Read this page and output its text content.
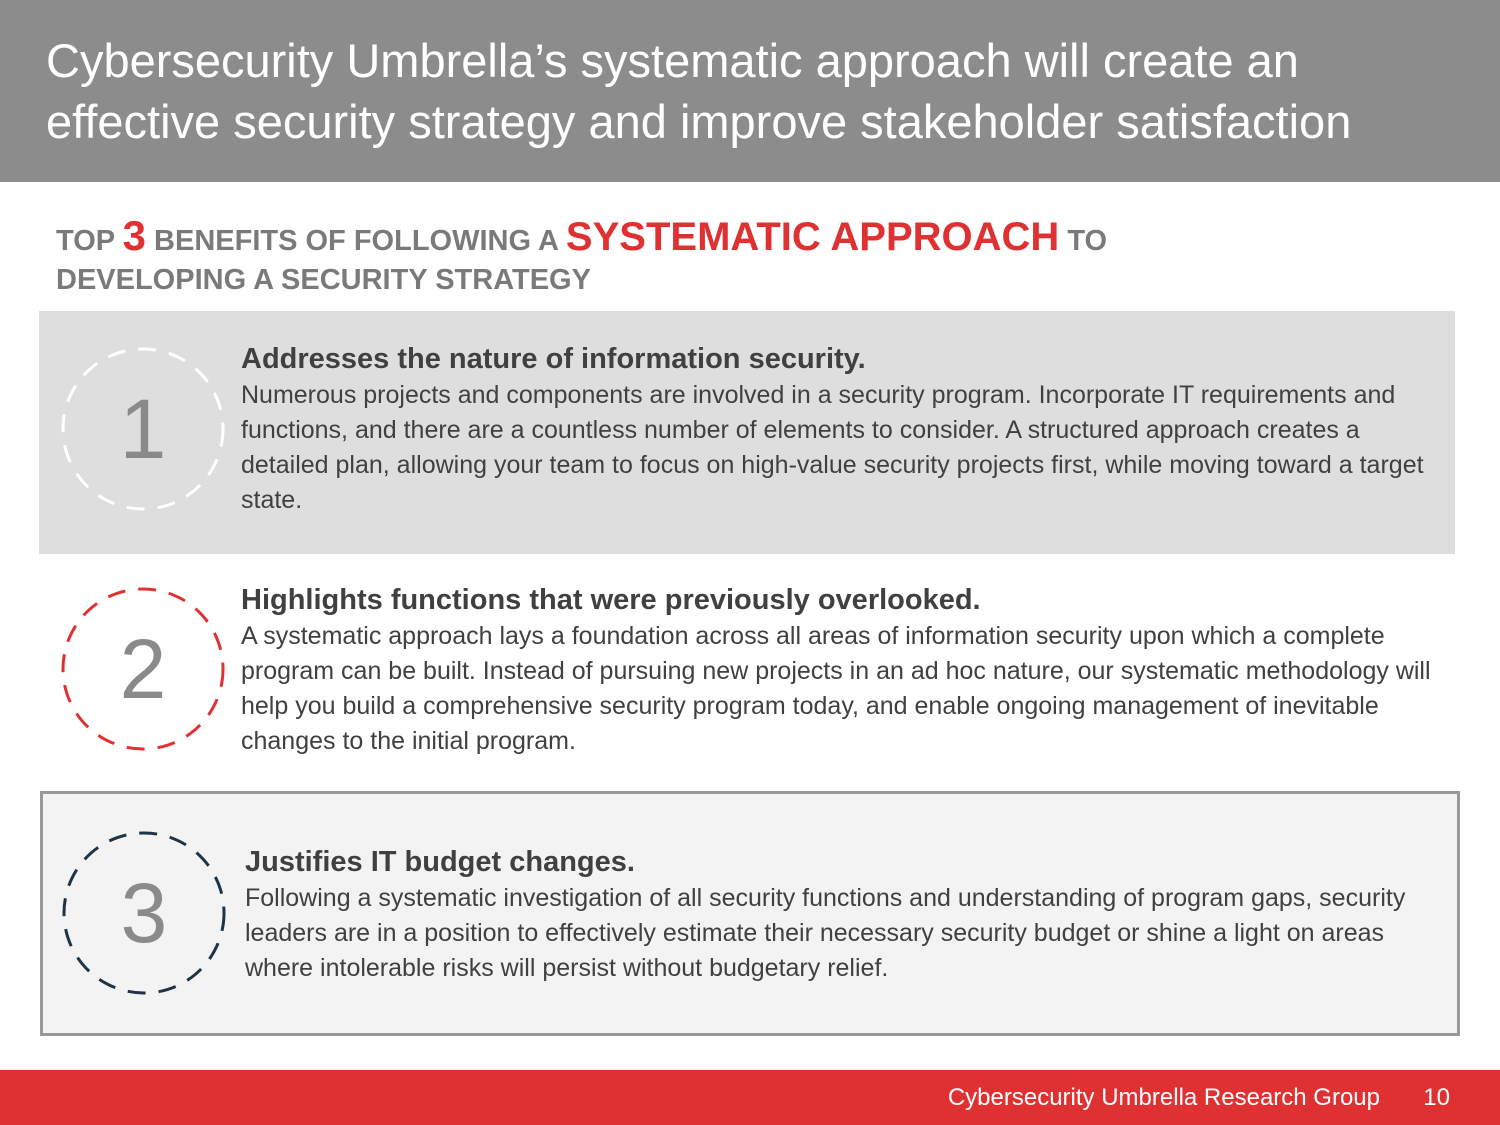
Cybersecurity Umbrella’s systematic approach will create an effective security strategy and improve stakeholder satisfaction
TOP 3 BENEFITS OF FOLLOWING A SYSTEMATIC APPROACH TO
DEVELOPING A SECURITY STRATEGY
1
Addresses the nature of information security.
Numerous projects and components are involved in a security program. Incorporate IT requirements and functions, and there are a countless number of elements to consider. A structured approach creates a detailed plan, allowing your team to focus on high-value security projects first, while moving toward a target state.
2
Highlights functions that were previously overlooked.
A systematic approach lays a foundation across all areas of information security upon which a complete program can be built. Instead of pursuing new projects in an ad hoc nature, our systematic methodology will help you build a comprehensive security program today, and enable ongoing management of inevitable changes to the initial program.
3
Justifies IT budget changes.
Following a systematic investigation of all security functions and understanding of program gaps, security leaders are in a position to effectively estimate their necessary security budget or shine a light on areas where intolerable risks will persist without budgetary relief.
Cybersecurity Umbrella Research Group 10
